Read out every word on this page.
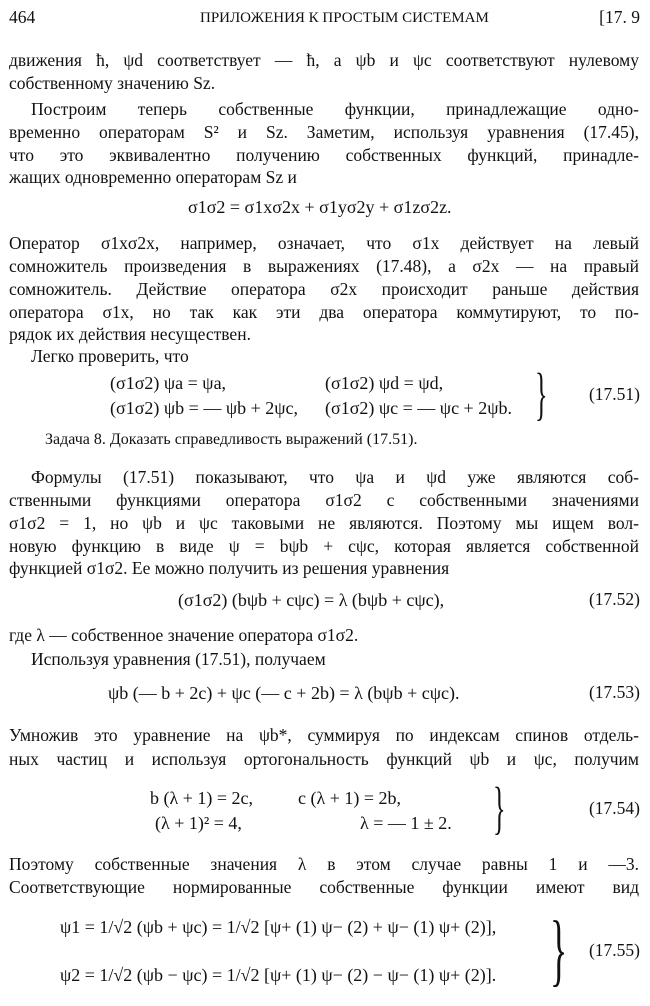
464	ПРИЛОЖЕНИЯ К ПРОСТЫМ СИСТЕМАМ	[17. 9
движения ħ, ψd соответствует — ħ, а ψb и ψc соответствуют нулевому
собственному значению Sz.
Построим теперь собственные функции, принадлежащие одно-
временно операторам S² и Sz. Заметим, используя уравнения (17.45),
что это эквивалентно получению собственных функций, принадле-
жащих одновременно операторам Sz и
σ1σ2 = σ1xσ2x + σ1yσ2y + σ1zσ2z.
Оператор σ1xσ2x, например, означает, что σ1x действует на левый
сомножитель произведения в выражениях (17.48), а σ2x — на правый
сомножитель. Действие оператора σ2x происходит раньше действия
оператора σ1x, но так как эти два оператора коммутируют, то по-
рядок их действия несуществен.
Легко проверить, что
(σ1σ2) ψa = ψa,	(σ1σ2) ψd = ψd,
(σ1σ2) ψb = — ψb + 2ψc, (σ1σ2) ψc = — ψc + 2ψb. } (17.51)
Задача 8. Доказать справедливость выражений (17.51).
Формулы (17.51) показывают, что ψa и ψd уже являются соб-
ственными функциями оператора σ1σ2 с собственными значениями
σ1σ2 = 1, но ψb и ψc таковыми не являются. Поэтому мы ищем вол-
новую функцию в виде ψ = bψb + cψc, которая является собственной
функцией σ1σ2. Ее можно получить из решения уравнения
(σ1σ2) (bψb + cψc) = λ (bψb + cψc),	(17.52)
где λ — собственное значение оператора σ1σ2.
Используя уравнения (17.51), получаем
ψb (— b + 2c) + ψc (— c + 2b) = λ (bψb + cψc).	(17.53)
Умножив это уравнение на ψb*, суммируя по индексам спинов отдель-
ных частиц и используя ортогональность функций ψb и ψc, получим
b (λ + 1) = 2c, c (λ + 1) = 2b,
(λ + 1)² = 4,	λ = — 1 ± 2. }	(17.54)
Поэтому собственные значения λ в этом случае равны 1 и —3.
Соответствующие нормированные собственные функции имеют вид
ψ1 = 1/√2 (ψb + ψc) = 1/√2 [ψ+ (1) ψ− (2) + ψ− (1) ψ+ (2)],
ψ2 = 1/√2 (ψb − ψc) = 1/√2 [ψ+ (1) ψ− (2) − ψ− (1) ψ+ (2)]. } (17.55)
